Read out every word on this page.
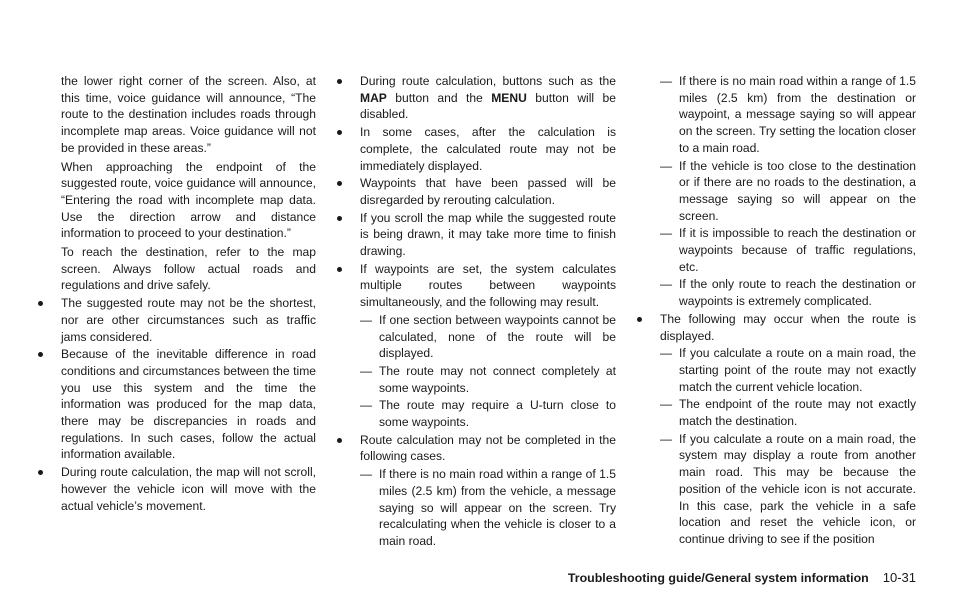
the lower right corner of the screen. Also, at this time, voice guidance will announce, “The route to the destination includes roads through incomplete map areas. Voice guidance will not be provided in these areas.”
When approaching the endpoint of the suggested route, voice guidance will announce, “Entering the road with incomplete map data. Use the direction arrow and distance information to proceed to your destination.”
To reach the destination, refer to the map screen. Always follow actual roads and regulations and drive safely.
The suggested route may not be the shortest, nor are other circumstances such as traffic jams considered.
Because of the inevitable difference in road conditions and circumstances between the time you use this system and the time the information was produced for the map data, there may be discrepancies in roads and regulations. In such cases, follow the actual information available.
During route calculation, the map will not scroll, however the vehicle icon will move with the actual vehicle’s movement.
During route calculation, buttons such as the MAP button and the MENU button will be disabled.
In some cases, after the calculation is complete, the calculated route may not be immediately displayed.
Waypoints that have been passed will be disregarded by rerouting calculation.
If you scroll the map while the suggested route is being drawn, it may take more time to finish drawing.
If waypoints are set, the system calculates multiple routes between waypoints simultaneously, and the following may result.
— If one section between waypoints cannot be calculated, none of the route will be displayed.
— The route may not connect completely at some waypoints.
— The route may require a U-turn close to some waypoints.
Route calculation may not be completed in the following cases.
— If there is no main road within a range of 1.5 miles (2.5 km) from the vehicle, a message saying so will appear on the screen. Try recalculating when the vehicle is closer to a main road.
— If there is no main road within a range of 1.5 miles (2.5 km) from the destination or waypoint, a message saying so will appear on the screen. Try setting the location closer to a main road.
— If the vehicle is too close to the destination or if there are no roads to the destination, a message saying so will appear on the screen.
— If it is impossible to reach the destination or waypoints because of traffic regulations, etc.
— If the only route to reach the destination or waypoints is extremely complicated.
The following may occur when the route is displayed.
— If you calculate a route on a main road, the starting point of the route may not exactly match the current vehicle location.
— The endpoint of the route may not exactly match the destination.
— If you calculate a route on a main road, the system may display a route from another main road. This may be because the position of the vehicle icon is not accurate. In this case, park the vehicle in a safe location and reset the vehicle icon, or continue driving to see if the position
Troubleshooting guide/General system information 10-31
